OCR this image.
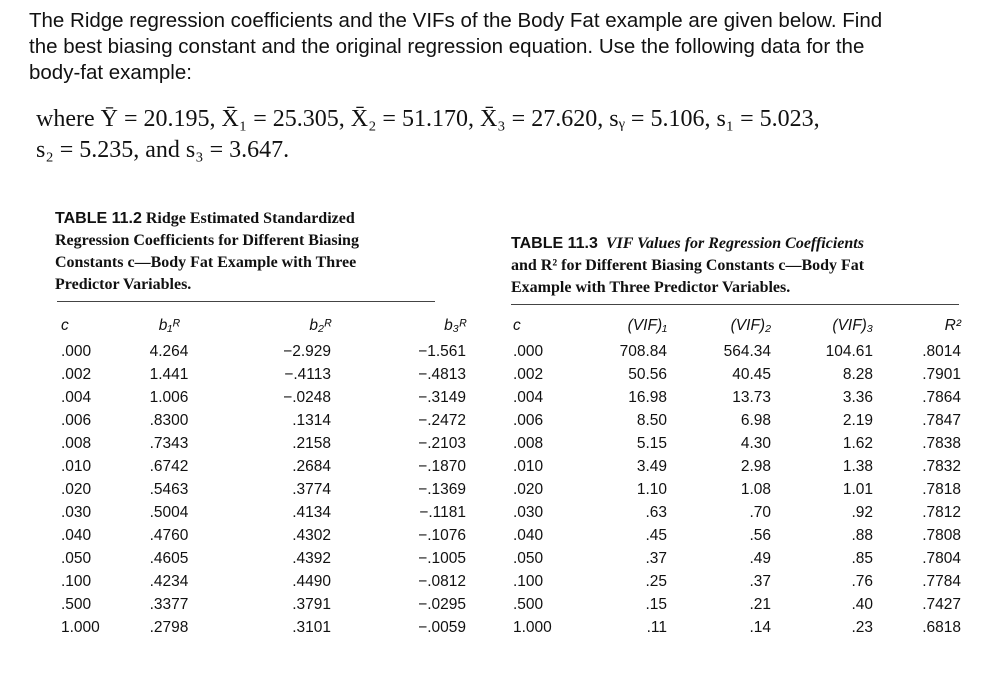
The Ridge regression coefficients and the VIFs of the Body Fat example are given below. Find
the best biasing constant and the original regression equation. Use the following data for the
body-fat example:
where Ȳ = 20.195, X̄₁ = 25.305, X̄₂ = 51.170, X̄₃ = 27.620, sᵧ = 5.106, s₁ = 5.023,
s₂ = 5.235, and s₃ = 3.647.
TABLE 11.2 Ridge Estimated Standardized
Regression Coefficients for Different Biasing
Constants c—Body Fat Example with Three
Predictor Variables.
TABLE 11.3 VIF Values for Regression Coefficients
and R² for Different Biasing Constants c—Body Fat
Example with Three Predictor Variables.
c	b₁ᴿ	b₂ᴿ	b₃ᴿ
.000	4.264	−2.929	−1.561
.002	1.441	−.4113	−.4813
.004	1.006	−.0248	−.3149
.006	.8300	.1314	−.2472
.008	.7343	.2158	−.2103
.010	.6742	.2684	−.1870
.020	.5463	.3774	−.1369
.030	.5004	.4134	−.1181
.040	.4760	.4302	−.1076
.050	.4605	.4392	−.1005
.100	.4234	.4490	−.0812
.500	.3377	.3791	−.0295
1.000	.2798	.3101	−.0059
c	(VIF)₁	(VIF)₂	(VIF)₃	R²
.000	708.84	564.34	104.61	.8014
.002	50.56	40.45	8.28	.7901
.004	16.98	13.73	3.36	.7864
.006	8.50	6.98	2.19	.7847
.008	5.15	4.30	1.62	.7838
.010	3.49	2.98	1.38	.7832
.020	1.10	1.08	1.01	.7818
.030	.63	.70	.92	.7812
.040	.45	.56	.88	.7808
.050	.37	.49	.85	.7804
.100	.25	.37	.76	.7784
.500	.15	.21	.40	.7427
1.000	.11	.14	.23	.6818
